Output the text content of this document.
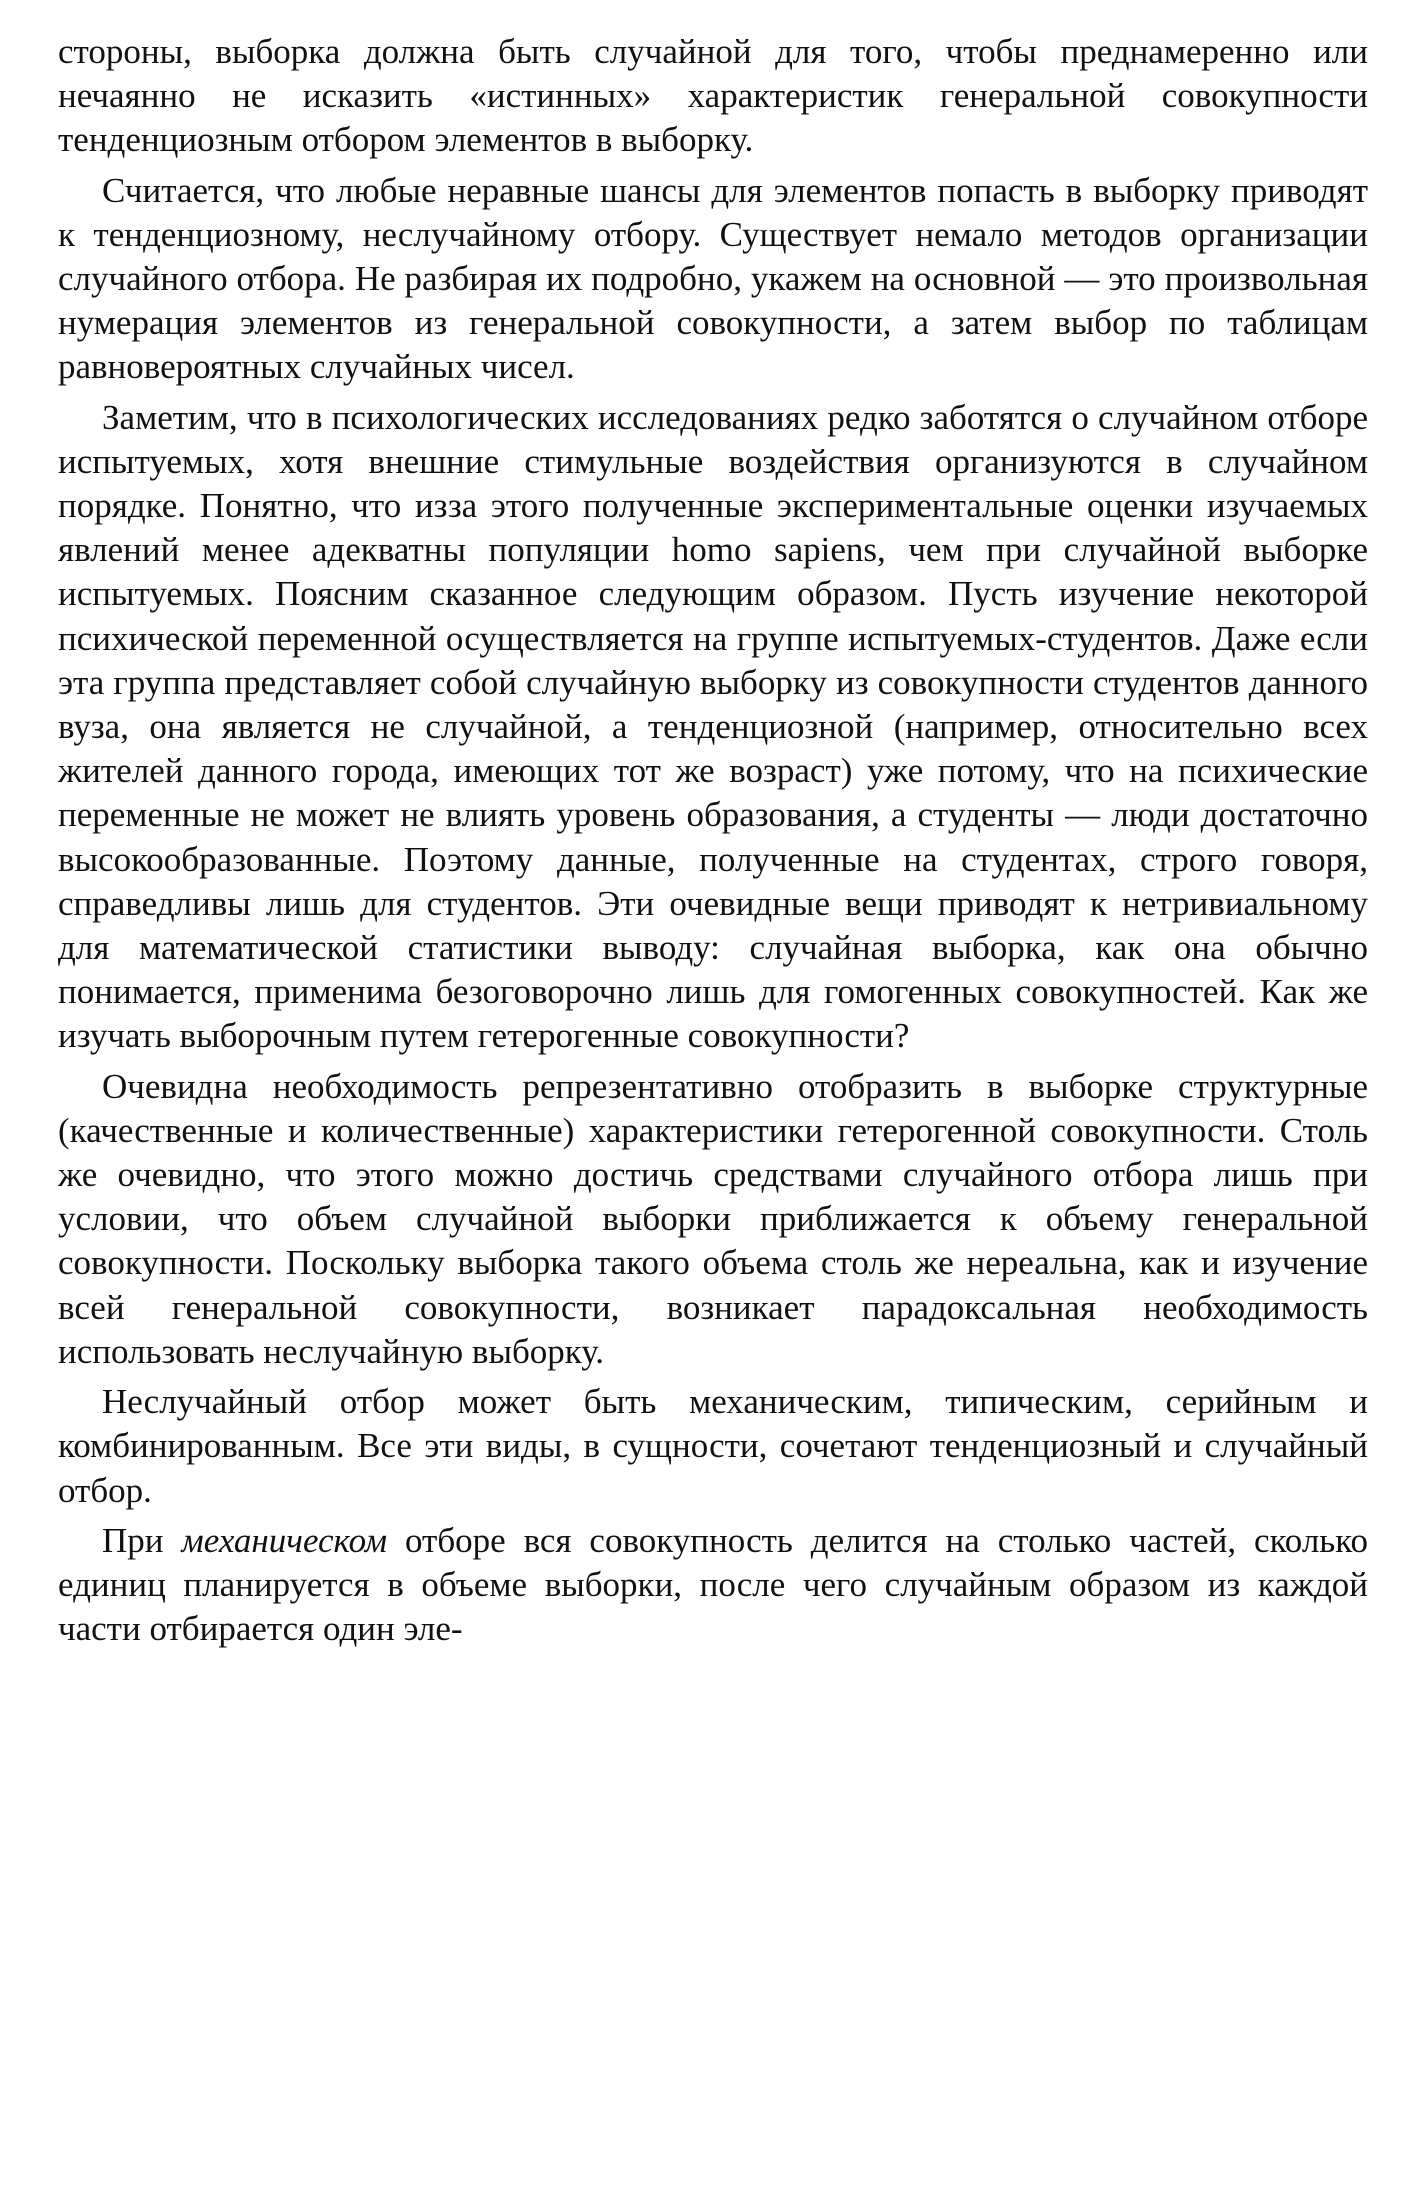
стороны, выборка должна быть случайной для того, чтобы преднамеренно или нечаянно не исказить «истинных» характеристик генеральной совокупности тенденциозным отбором элементов в выборку.

Считается, что любые неравные шансы для элементов попасть в выборку приводят к тенденциозному, неслучайному отбору. Существует немало методов организации случайного отбора. Не разбирая их подробно, укажем на основной — это произвольная нумерация элементов из генеральной совокупности, а затем выбор по таблицам равновероятных случайных чисел.

Заметим, что в психологических исследованиях редко заботятся о случайном отборе испытуемых, хотя внешние стимульные воздействия организуются в случайном порядке. Понятно, что изза этого полученные экспериментальные оценки изучаемых явлений менее адекватны популяции homo sapiens, чем при случайной выборке испытуемых. Поясним сказанное следующим образом. Пусть изучение некоторой психической переменной осуществляется на группе испытуемых-студентов. Даже если эта группа представляет собой случайную выборку из совокупности студентов данного вуза, она является не случайной, а тенденциозной (например, относительно всех жителей данного города, имеющих тот же возраст) уже потому, что на психические переменные не может не влиять уровень образования, а студенты — люди достаточно высокообразованные. Поэтому данные, полученные на студентах, строго говоря, справедливы лишь для студентов. Эти очевидные вещи приводят к нетривиальному для математической статистики выводу: случайная выборка, как она обычно понимается, применима безоговорочно лишь для гомогенных совокупностей. Как же изучать выборочным путем гетерогенные совокупности?

Очевидна необходимость репрезентативно отобразить в выборке структурные (качественные и количественные) характеристики гетерогенной совокупности. Столь же очевидно, что этого можно достичь средствами случайного отбора лишь при условии, что объем случайной выборки приближается к объему генеральной совокупности. Поскольку выборка такого объема столь же нереальна, как и изучение всей генеральной совокупности, возникает парадоксальная необходимость использовать неслучайную выборку.

Неслучайный отбор может быть механическим, типическим, серийным и комбинированным. Все эти виды, в сущности, сочетают тенденциозный и случайный отбор.

При механическом отборе вся совокупность делится на столько частей, сколько единиц планируется в объеме выборки, после чего случайным образом из каждой части отбирается один эле-
